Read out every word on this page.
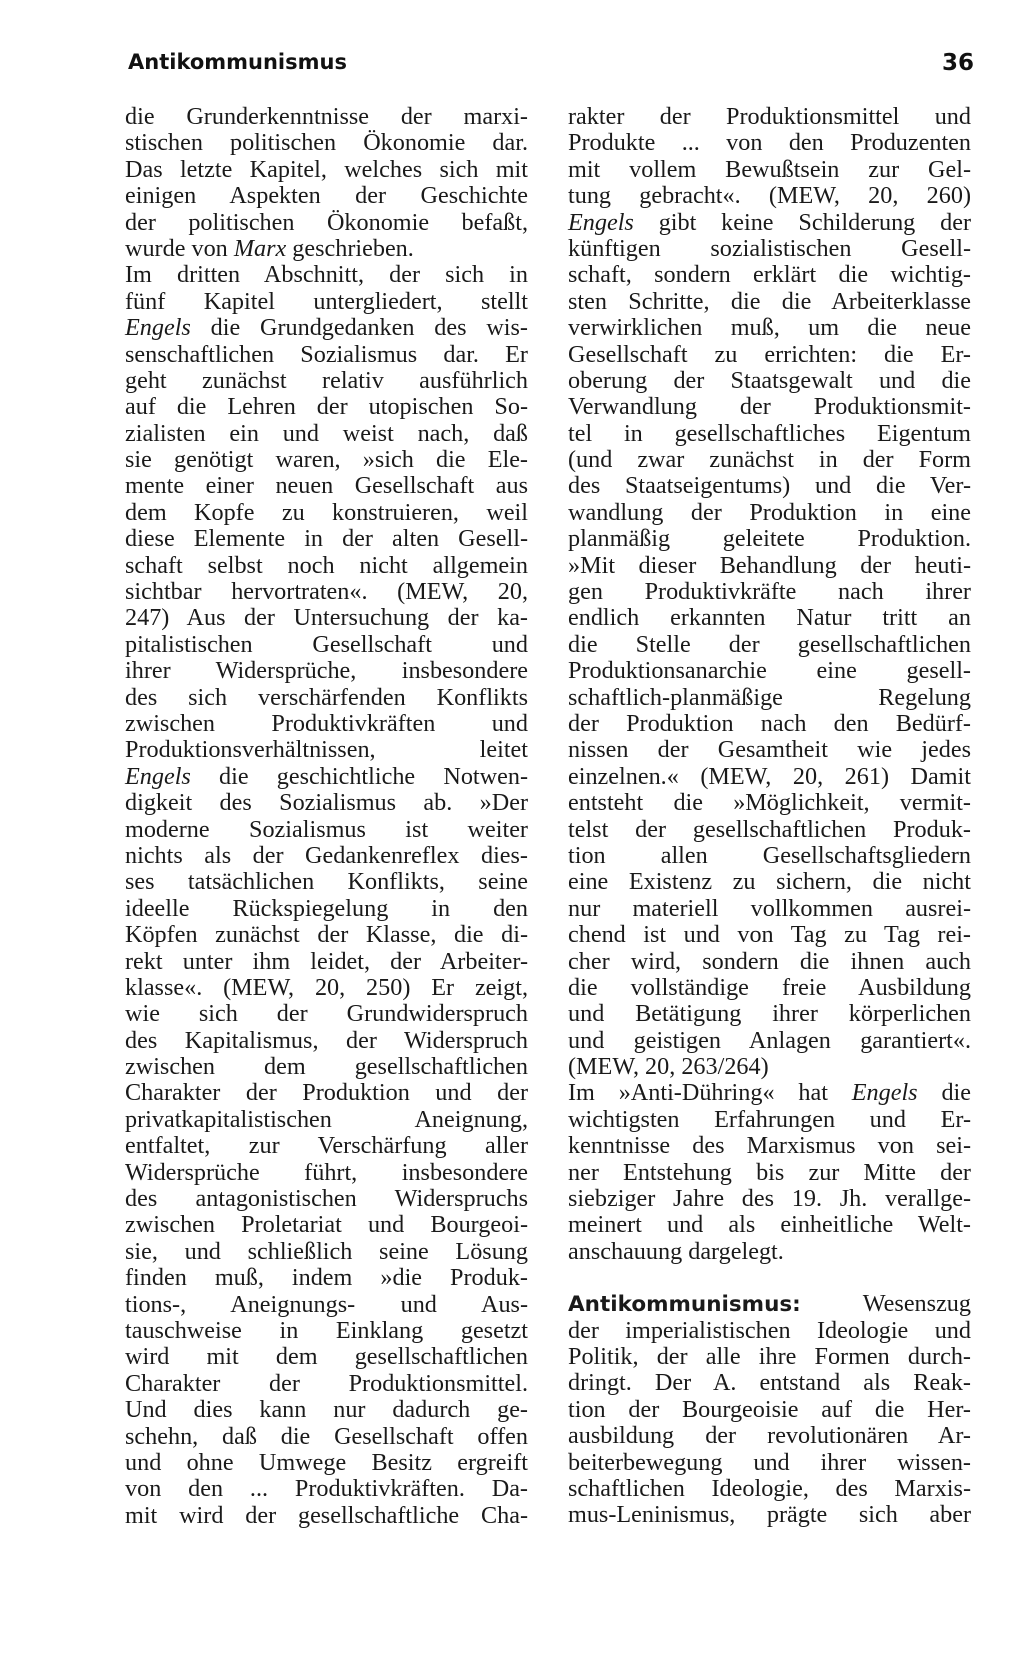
Antikommunismus	36
die Grunderkenntnisse der marxi-
stischen politischen Ökonomie dar.
Das letzte Kapitel, welches sich mit
einigen Aspekten der Geschichte
der politischen Ökonomie befaßt,
wurde von Marx geschrieben.
Im dritten Abschnitt, der sich in
fünf Kapitel untergliedert, stellt
Engels die Grundgedanken des wis-
senschaftlichen Sozialismus dar. Er
geht zunächst relativ ausführlich
auf die Lehren der utopischen So-
zialisten ein und weist nach, daß
sie genötigt waren, »sich die Ele-
mente einer neuen Gesellschaft aus
dem Kopfe zu konstruieren, weil
diese Elemente in der alten Gesell-
schaft selbst noch nicht allgemein
sichtbar hervortraten«. (MEW, 20,
247) Aus der Untersuchung der ka-
pitalistischen Gesellschaft und
ihrer Widersprüche, insbesondere
des sich verschärfenden Konflikts
zwischen Produktivkräften und
Produktionsverhältnissen, leitet
Engels die geschichtliche Notwen-
digkeit des Sozialismus ab. »Der
moderne Sozialismus ist weiter
nichts als der Gedankenreflex dies-
ses tatsächlichen Konflikts, seine
ideelle Rückspiegelung in den
Köpfen zunächst der Klasse, die di-
rekt unter ihm leidet, der Arbeiter-
klasse«. (MEW, 20, 250) Er zeigt,
wie sich der Grundwiderspruch
des Kapitalismus, der Widerspruch
zwischen dem gesellschaftlichen
Charakter der Produktion und der
privatkapitalistischen Aneignung,
entfaltet, zur Verschärfung aller
Widersprüche führt, insbesondere
des antagonistischen Widerspruchs
zwischen Proletariat und Bourgeoi-
sie, und schließlich seine Lösung
finden muß, indem »die Produk-
tions-, Aneignungs- und Aus-
tauschweise in Einklang gesetzt
wird mit dem gesellschaftlichen
Charakter der Produktionsmittel.
Und dies kann nur dadurch ge-
schehn, daß die Gesellschaft offen
und ohne Umwege Besitz ergreift
von den ... Produktivkräften. Da-
mit wird der gesellschaftliche Cha-
rakter der Produktionsmittel und
Produkte ... von den Produzenten
mit vollem Bewußtsein zur Gel-
tung gebracht«. (MEW, 20, 260)
Engels gibt keine Schilderung der
künftigen sozialistischen Gesell-
schaft, sondern erklärt die wichtig-
sten Schritte, die die Arbeiterklasse
verwirklichen muß, um die neue
Gesellschaft zu errichten: die Er-
oberung der Staatsgewalt und die
Verwandlung der Produktionsmit-
tel in gesellschaftliches Eigentum
(und zwar zunächst in der Form
des Staatseigentums) und die Ver-
wandlung der Produktion in eine
planmäßig geleitete Produktion.
»Mit dieser Behandlung der heuti-
gen Produktivkräfte nach ihrer
endlich erkannten Natur tritt an
die Stelle der gesellschaftlichen
Produktionsanarchie eine gesell-
schaftlich-planmäßige Regelung
der Produktion nach den Bedürf-
nissen der Gesamtheit wie jedes
einzelnen.« (MEW, 20, 261) Damit
entsteht die »Möglichkeit, vermit-
telst der gesellschaftlichen Produk-
tion allen Gesellschaftsgliedern
eine Existenz zu sichern, die nicht
nur materiell vollkommen ausrei-
chend ist und von Tag zu Tag rei-
cher wird, sondern die ihnen auch
die vollständige freie Ausbildung
und Betätigung ihrer körperlichen
und geistigen Anlagen garantiert«.
(MEW, 20, 263/264)
Im »Anti-Dühring« hat Engels die
wichtigsten Erfahrungen und Er-
kenntnisse des Marxismus von sei-
ner Entstehung bis zur Mitte der
siebziger Jahre des 19. Jh. verallge-
meinert und als einheitliche Welt-
anschauung dargelegt.
Antikommunismus: Wesenszug
der imperialistischen Ideologie und
Politik, der alle ihre Formen durch-
dringt. Der A. entstand als Reak-
tion der Bourgeoisie auf die Her-
ausbildung der revolutionären Ar-
beiterbewegung und ihrer wissen-
schaftlichen Ideologie, des Marxis-
mus-Leninismus, prägte sich aber
